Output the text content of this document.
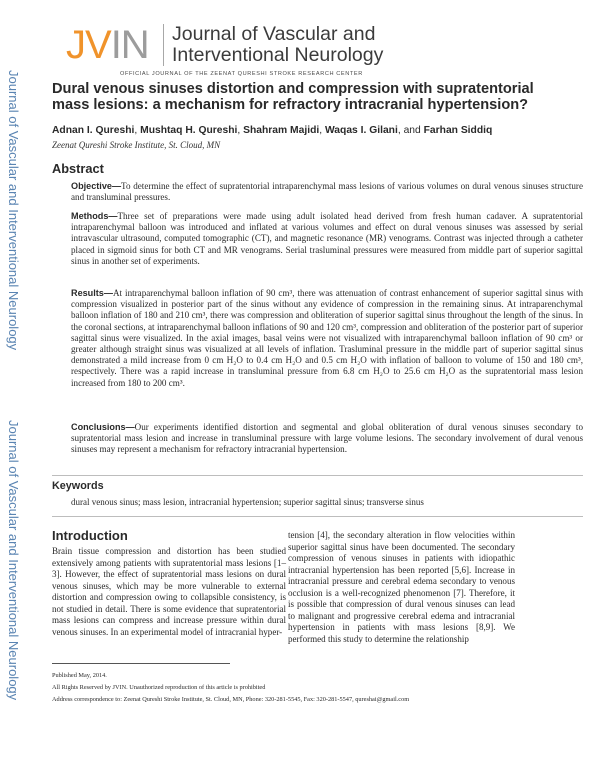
Journal of Vascular and Interventional Neurology
Journal of Vascular and Interventional Neurology
JVIN Journal of Vascular and
Interventional Neurology
OFFICIAL JOURNAL OF THE ZEENAT QURESHI STROKE RESEARCH CENTER
Dural venous sinuses distortion and compression with supratentorial
mass lesions: a mechanism for refractory intracranial hypertension?
Adnan I. Qureshi, Mushtaq H. Qureshi, Shahram Majidi, Waqas I. Gilani, and Farhan Siddiq
Zeenat Qureshi Stroke Institute, St. Cloud, MN
Abstract

Objective—To determine the effect of supratentorial intraparenchymal mass lesions of various volumes on dural venous sinuses structure and transluminal pressures.

Methods—Three set of preparations were made using adult isolated head derived from fresh human cadaver. A supratentorial intraparenchymal balloon was introduced and inflated at various volumes and effect on dural venous sinuses was assessed by serial intravascular ultrasound, computed tomographic (CT), and magnetic resonance (MR) venograms. Contrast was injected through a catheter placed in sigmoid sinus for both CT and MR venograms. Serial trasluminal pressures were measured from middle part of superior sagittal sinus in another set of experiments.

Results—At intraparenchymal balloon inflation of 90 cm³, there was attenuation of contrast enhancement of superior sagittal sinus with compression visualized in posterior part of the sinus without any evidence of compression in the remaining sinus. At intraparenchymal balloon inflation of 180 and 210 cm³, there was compression and obliteration of superior sagittal sinus throughout the length of the sinus. In the coronal sections, at intraparenchymal balloon inflations of 90 and 120 cm³, compression and obliteration of the posterior part of superior sagittal sinus were visualized. In the axial images, basal veins were not visualized with intraparenchymal balloon inflation of 90 cm³ or greater although straight sinus was visualized at all levels of inflation. Trasluminal pressure in the middle part of superior sagittal sinus demonstrated a mild increase from 0 cm H₂O to 0.4 cm H₂O and 0.5 cm H₂O with inflation of balloon to volume of 150 and 180 cm³, respectively. There was a rapid increase in transluminal pressure from 6.8 cm H₂O to 25.6 cm H₂O as the supratentorial mass lesion increased from 180 to 200 cm³.

Conclusions—Our experiments identified distortion and segmental and global obliteration of dural venous sinuses secondary to supratentorial mass lesion and increase in transluminal pressure with large volume lesions. The secondary involvement of dural venous sinuses may represent a mechanism for refractory intracranial hypertension.

Keywords
dural venous sinus; mass lesion, intracranial hypertension; superior sagittal sinus; transverse sinus
Introduction

Brain tissue compression and distortion has been studied extensively among patients with supratentorial mass lesions [1–3]. However, the effect of supratentorial mass lesions on dural venous sinuses, which may be more vulnerable to external distortion and compression owing to collapsible consistency, is not studied in detail. There is some evidence that supratentorial mass lesions can compress and increase pressure within dural venous sinuses. In an experimental model of intracranial hyper-

tension [4], the secondary alteration in flow velocities within superior sagittal sinus have been documented. The secondary compression of venous sinuses in patients with idiopathic intracranial hypertension has been reported [5,6]. Increase in intracranial pressure and cerebral edema secondary to venous occlusion is a well-recognized phenomenon [7]. Therefore, it is possible that compression of dural venous sinuses can lead to malignant and progressive cerebral edema and intracranial hypertension in patients with mass lesions [8,9]. We performed this study to determine the relationship

Published May, 2014.
All Rights Reserved by JVIN. Unauthorized reproduction of this article is prohibited
Address correspondence to: Zeenat Qureshi Stroke Institute, St. Cloud, MN, Phone: 320-281-5545, Fax: 320-281-5547, qureshai@gmail.com
